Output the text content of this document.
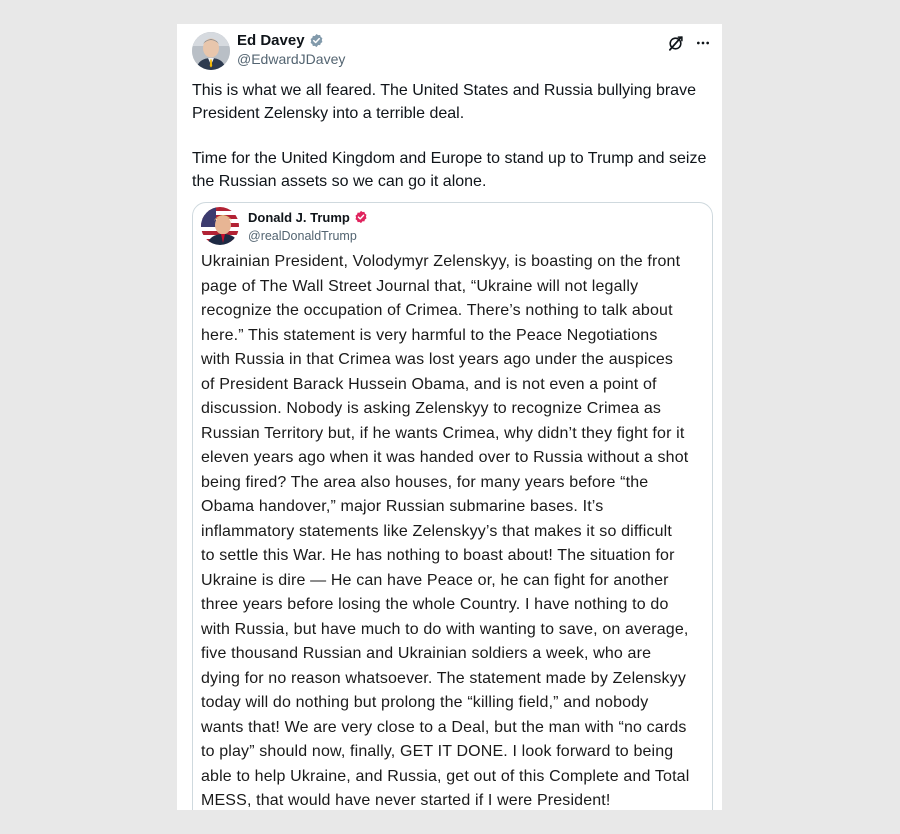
Ed Davey
@EdwardJDavey

This is what we all feared. The United States and Russia bullying brave President Zelensky into a terrible deal.

Time for the United Kingdom and Europe to stand up to Trump and seize the Russian assets so we can go it alone.

Donald J. Trump
@realDonaldTrump
Ukrainian President, Volodymyr Zelenskyy, is boasting on the front
page of The Wall Street Journal that, “Ukraine will not legally
recognize the occupation of Crimea. There’s nothing to talk about
here.” This statement is very harmful to the Peace Negotiations
with Russia in that Crimea was lost years ago under the auspices
of President Barack Hussein Obama, and is not even a point of
discussion. Nobody is asking Zelenskyy to recognize Crimea as
Russian Territory but, if he wants Crimea, why didn’t they fight for it
eleven years ago when it was handed over to Russia without a shot
being fired? The area also houses, for many years before “the
Obama handover,” major Russian submarine bases. It’s
inflammatory statements like Zelenskyy’s that makes it so difficult
to settle this War. He has nothing to boast about! The situation for
Ukraine is dire — He can have Peace or, he can fight for another
three years before losing the whole Country. I have nothing to do
with Russia, but have much to do with wanting to save, on average,
five thousand Russian and Ukrainian soldiers a week, who are
dying for no reason whatsoever. The statement made by Zelenskyy
today will do nothing but prolong the “killing field,” and nobody
wants that! We are very close to a Deal, but the man with “no cards
to play” should now, finally, GET IT DONE. I look forward to being
able to help Ukraine, and Russia, get out of this Complete and Total
MESS, that would have never started if I were President!
